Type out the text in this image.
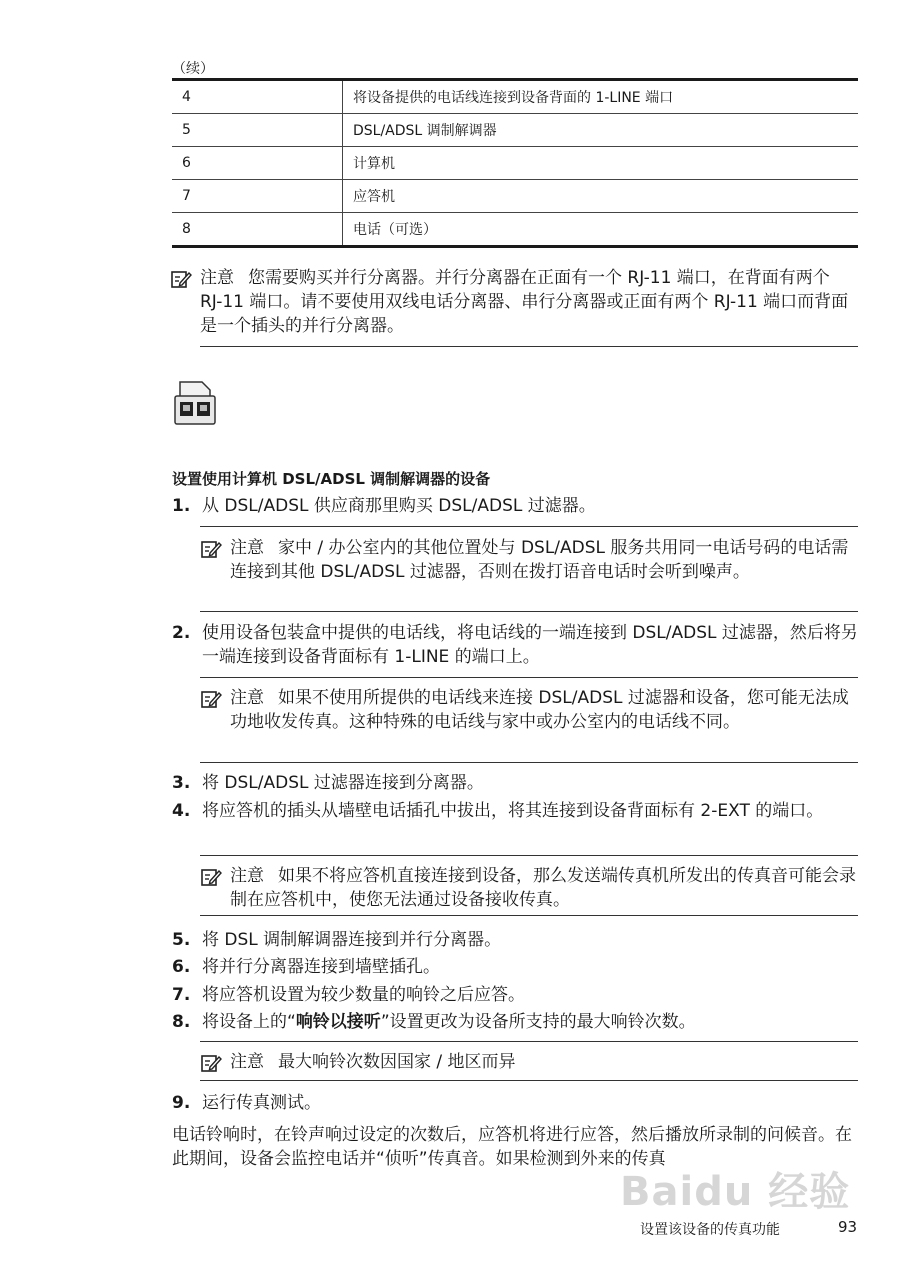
（续）
4	将设备提供的电话线连接到设备背面的 1-LINE 端口
5	DSL/ADSL 调制解调器
6	计算机
7	应答机
8	电话（可选）
注意 您需要购买并行分离器。并行分离器在正面有一个 RJ-11 端口，在背面有两个 RJ-11 端口。请不要使用双线电话分离器、串行分离器或正面有两个 RJ-11 端口而背面是一个插头的并行分离器。
设置使用计算机 DSL/ADSL 调制解调器的设备
1. 从 DSL/ADSL 供应商那里购买 DSL/ADSL 过滤器。
注意 家中 / 办公室内的其他位置处与 DSL/ADSL 服务共用同一电话号码的电话需连接到其他 DSL/ADSL 过滤器，否则在拨打语音电话时会听到噪声。
2. 使用设备包装盒中提供的电话线，将电话线的一端连接到 DSL/ADSL 过滤器，然后将另一端连接到设备背面标有 1-LINE 的端口上。
注意 如果不使用所提供的电话线来连接 DSL/ADSL 过滤器和设备，您可能无法成功地收发传真。这种特殊的电话线与家中或办公室内的电话线不同。
3. 将 DSL/ADSL 过滤器连接到分离器。
4. 将应答机的插头从墙壁电话插孔中拔出，将其连接到设备背面标有 2-EXT 的端口。
注意 如果不将应答机直接连接到设备，那么发送端传真机所发出的传真音可能会录制在应答机中，使您无法通过设备接收传真。
5. 将 DSL 调制解调器连接到并行分离器。
6. 将并行分离器连接到墙壁插孔。
7. 将应答机设置为较少数量的响铃之后应答。
8. 将设备上的“响铃以接听”设置更改为设备所支持的最大响铃次数。
注意 最大响铃次数因国家 / 地区而异
9. 运行传真测试。
电话铃响时，在铃声响过设定的次数后，应答机将进行应答，然后播放所录制的问候音。在此期间，设备会监控电话并“侦听”传真音。如果检测到外来的传真
Baidu 经验
设置该设备的传真功能	93
